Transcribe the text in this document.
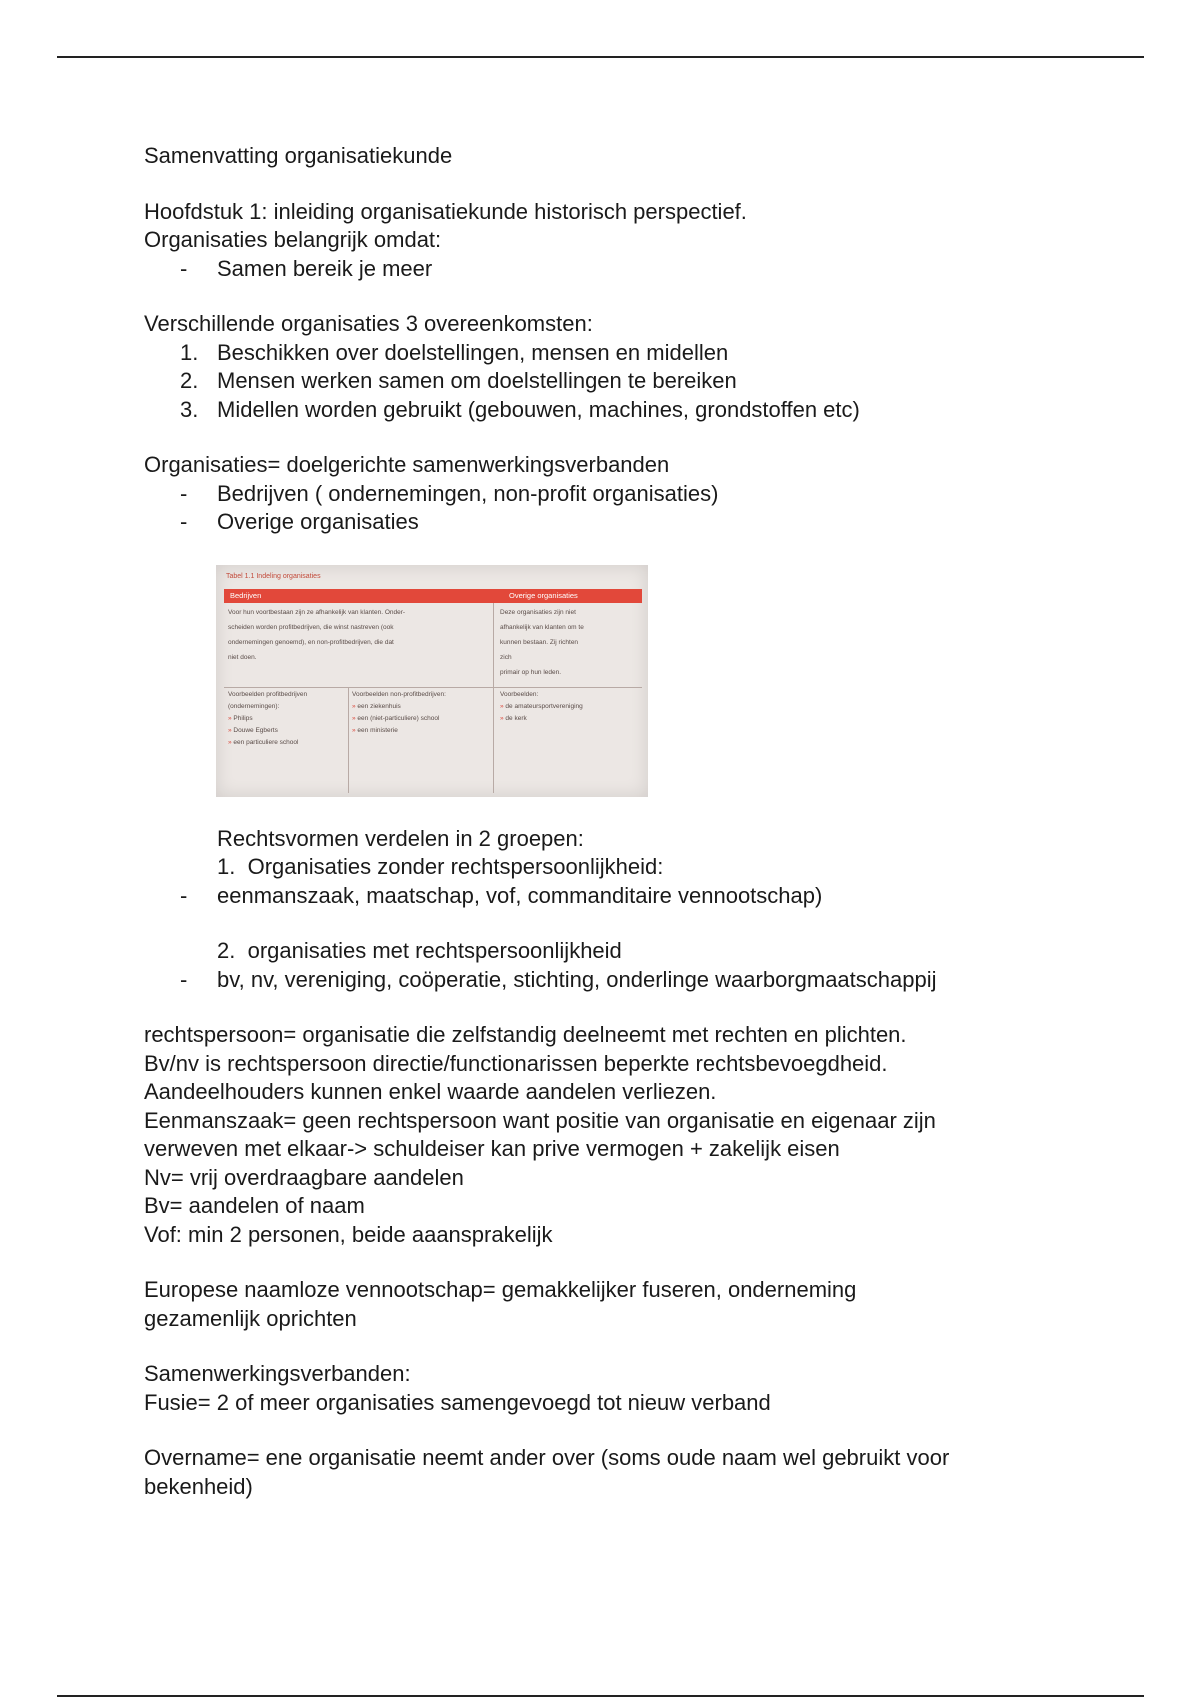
Samenvatting organisatiekunde

Hoofdstuk 1: inleiding organisatiekunde historisch perspectief.

Organisaties belangrijk omdat:

- Samen bereik je meer

Verschillende organisaties 3 overeenkomsten:

1. Beschikken over doelstellingen, mensen en midellen
2. Mensen werken samen om doelstellingen te bereiken
3. Midellen worden gebruikt (gebouwen, machines, grondstoffen etc)

Organisaties= doelgerichte samenwerkingsverbanden

- Bedrijven ( ondernemingen, non-profit organisaties)
- Overige organisaties
Tabel 1.1 Indeling organisaties
Bedrijven	Overige organisaties
Voor hun voortbestaan zijn ze afhankelijk van klanten. Onder-
scheiden worden profitbedrijven, die winst nastreven (ook
ondernemingen genoemd), en non-profitbedrijven, die dat
niet doen.
Deze organisaties zijn niet
afhankelijk van klanten om te
kunnen bestaan. Zij richten
zich
primair op hun leden.
Voorbeelden profitbedrijven (ondernemingen):
» Philips
» Douwe Egberts
» een particuliere school
Voorbeelden non-profitbedrijven:
» een ziekenhuis
» een (niet-particuliere) school
» een ministerie
Voorbeelden:
» de amateursportvereniging
» de kerk
Rechtsvormen verdelen in 2 groepen:
1. Organisaties zonder rechtspersoonlijkheid:
- eenmanszaak, maatschap, vof, commanditaire vennootschap)
2. organisaties met rechtspersoonlijkheid
- bv, nv, vereniging, coöperatie, stichting, onderlinge waarborgmaatschappij

rechtspersoon= organisatie die zelfstandig deelneemt met rechten en plichten.

Bv/nv is rechtspersoon directie/functionarissen beperkte rechtsbevoegdheid.

Aandeelhouders kunnen enkel waarde aandelen verliezen.

Eenmanszaak= geen rechtspersoon want positie van organisatie en eigenaar zijn

verweven met elkaar-> schuldeiser kan prive vermogen + zakelijk eisen

Nv= vrij overdraagbare aandelen

Bv= aandelen of naam

Vof: min 2 personen, beide aaansprakelijk

Europese naamloze vennootschap= gemakkelijker fuseren, onderneming

gezamenlijk oprichten

Samenwerkingsverbanden:

Fusie= 2 of meer organisaties samengevoegd tot nieuw verband

Overname= ene organisatie neemt ander over (soms oude naam wel gebruikt voor

bekenheid)
